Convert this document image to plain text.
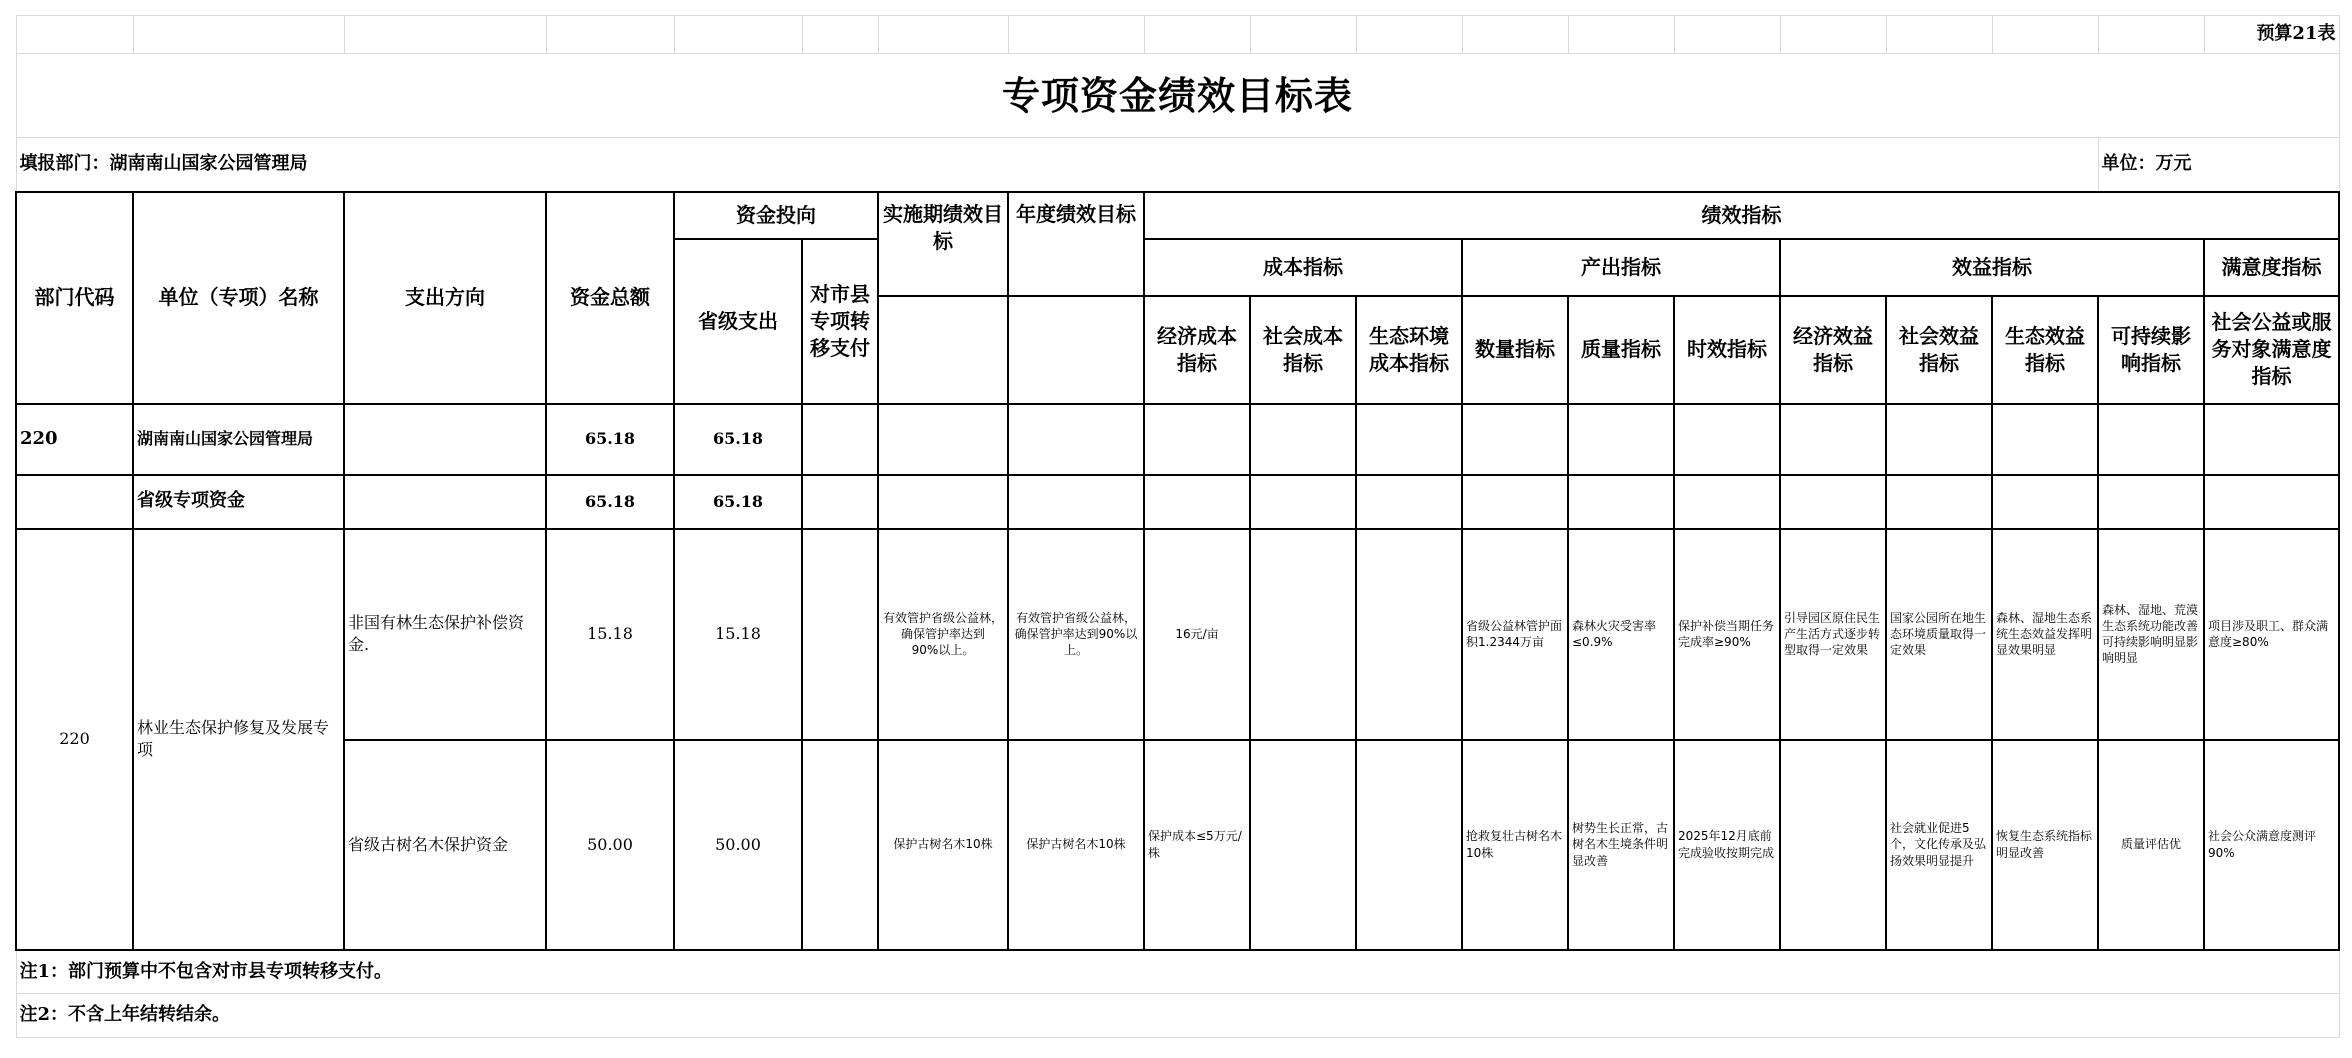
																		预算21表
专项资金绩效目标表																		
填报部门：湖南南山国家公园管理局																	单位：万元	
部门代码	单位（专项）名称	支出方向	资金总额	资金投向		实施期绩效目标	年度绩效目标	绩效指标										
				省级支出	对市县专项转移支付			成本指标			产出指标			效益指标				满意度指标
								经济成本指标	社会成本指标	生态环境成本指标	数量指标	质量指标	时效指标	经济效益指标	社会效益指标	生态效益指标	可持续影响指标	社会公益或服务对象满意度指标

220	湖南南山国家公园管理局		65.18	65.18														
	省级专项资金		65.18	65.18														
220	林业生态保护修复及发展专项	非国有林生态保护补偿资金.	15.18	15.18		有效管护省级公益林，确保管护率达到　90%以上。	有效管护省级公益林，确保管护率达到90%以上。	16元/亩			省级公益林管护面积1.2344万亩	森林火灾受害率≤0.9%	保护补偿当期任务完成率≥90%	引导园区原住民生产生活方式逐步转型取得一定效果	国家公园所在地生态环境质量取得一定效果	森林、湿地生态系统生态效益发挥明显效果明显	森林、湿地、荒漠生态系统功能改善可持续影响明显影响明显	项目涉及职工、群众满意度≥80%
		省级古树名木保护资金	50.00	50.00		保护古树名木10株	保护古树名木10株	保护成本≤5万元/株			抢救复壮古树名木10株	树势生长正常，古树名木生境条件明显改善	2025年12月底前完成验收按期完成		社会就业促进5个，文化传承及弘扬效果明显提升	恢复生态系统指标明显改善	质量评估优	社会公众满意度测评90%
注1：部门预算中不包含对市县专项转移支付。																		
注2：不含上年结转结余。																		
